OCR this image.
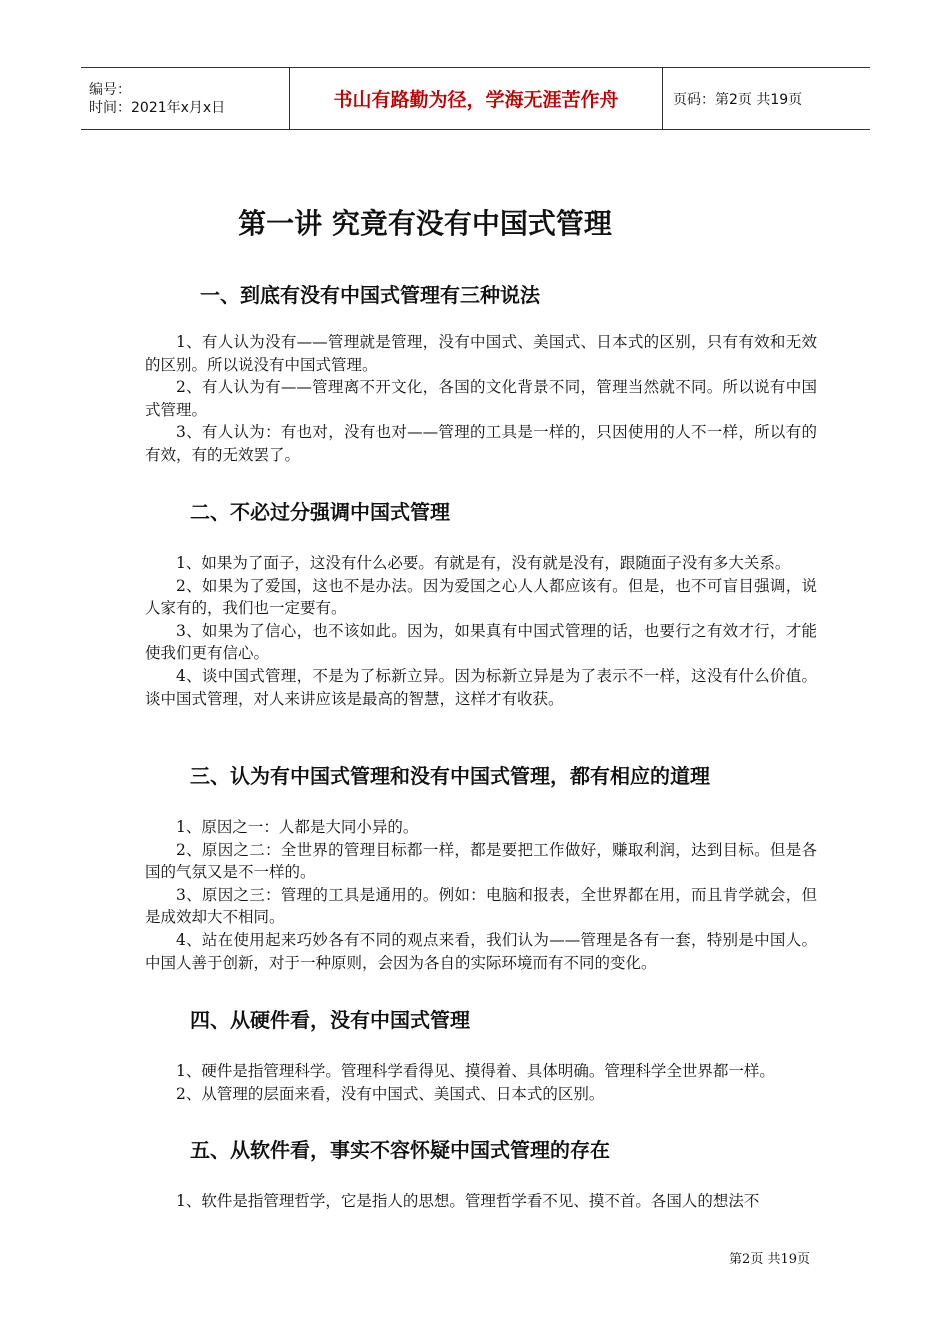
编号：
时间：2021年x月x日	书山有路勤为径，学海无涯苦作舟	页码：第2页 共19页
第一讲 究竟有没有中国式管理
一、到底有没有中国式管理有三种说法

1、有人认为没有——管理就是管理，没有中国式、美国式、日本式的区别，只有有效和无效的区别。所以说没有中国式管理。

2、有人认为有——管理离不开文化，各国的文化背景不同，管理当然就不同。所以说有中国式管理。

3、有人认为：有也对，没有也对——管理的工具是一样的，只因使用的人不一样，所以有的有效，有的无效罢了。

二、不必过分强调中国式管理

1、如果为了面子，这没有什么必要。有就是有，没有就是没有，跟随面子没有多大关系。

2、如果为了爱国，这也不是办法。因为爱国之心人人都应该有。但是，也不可盲目强调，说人家有的，我们也一定要有。

3、如果为了信心，也不该如此。因为，如果真有中国式管理的话，也要行之有效才行，才能使我们更有信心。

4、谈中国式管理，不是为了标新立异。因为标新立异是为了表示不一样，这没有什么价值。谈中国式管理，对人来讲应该是最高的智慧，这样才有收获。

三、认为有中国式管理和没有中国式管理，都有相应的道理

1、原因之一：人都是大同小异的。

2、原因之二：全世界的管理目标都一样，都是要把工作做好，赚取利润，达到目标。但是各国的气氛又是不一样的。

3、原因之三：管理的工具是通用的。例如：电脑和报表，全世界都在用，而且肯学就会，但是成效却大不相同。

4、站在使用起来巧妙各有不同的观点来看，我们认为——管理是各有一套，特别是中国人。中国人善于创新，对于一种原则，会因为各自的实际环境而有不同的变化。

四、从硬件看，没有中国式管理

1、硬件是指管理科学。管理科学看得见、摸得着、具体明确。管理科学全世界都一样。

2、从管理的层面来看，没有中国式、美国式、日本式的区别。

五、从软件看，事实不容怀疑中国式管理的存在

1、软件是指管理哲学，它是指人的思想。管理哲学看不见、摸不首。各国人的想法不

第2页 共19页
